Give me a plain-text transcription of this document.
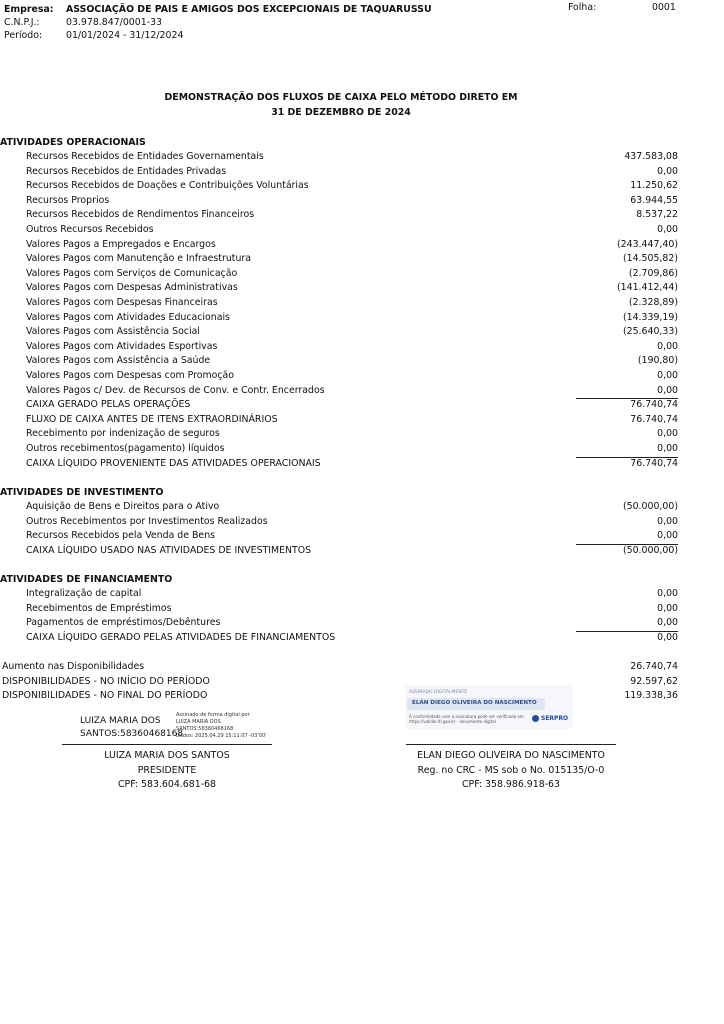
Empresa: ASSOCIAÇÃO DE PAIS E AMIGOS DOS EXCEPCIONAIS DE TAQUARUSSU	Folha:	0001
C.N.P.J.:	03.978.847/0001-33
Período:	01/01/2024 - 31/12/2024
DEMONSTRAÇÃO DOS FLUXOS DE CAIXA PELO MÉTODO DIRETO EM
31 DE DEZEMBRO DE 2024
ATIVIDADES OPERACIONAIS
Recursos Recebidos de Entidades Governamentais	437.583,08
Recursos Recebidos de Entidades Privadas	0,00
Recursos Recebidos de Doações e Contribuições Voluntárias	11.250,62
Recursos Proprios	63.944,55
Recursos Recebidos de Rendimentos Financeiros	8.537,22
Outros Recursos Recebidos	0,00
Valores Pagos a Empregados e Encargos	(243.447,40)
Valores Pagos com Manutenção e Infraestrutura	(14.505,82)
Valores Pagos com Serviços de Comunicação	(2.709,86)
Valores Pagos com Despesas Administrativas	(141.412,44)
Valores Pagos com Despesas Financeiras	(2.328,89)
Valores Pagos com Atividades Educacionais	(14.339,19)
Valores Pagos com Assistência Social	(25.640,33)
Valores Pagos com Atividades Esportivas	0,00
Valores Pagos com Assistência a Saúde	(190,80)
Valores Pagos com Despesas com Promoção	0,00
Valores Pagos c/ Dev. de Recursos de Conv. e Contr. Encerrados	0,00
CAIXA GERADO PELAS OPERAÇÕES	76.740,74
FLUXO DE CAIXA ANTES DE ITENS EXTRAORDINÁRIOS	76.740,74
Recebimento por indenização de seguros	0,00
Outros recebimentos(pagamento) líquidos	0,00
CAIXA LÍQUIDO PROVENIENTE DAS ATIVIDADES OPERACIONAIS	76.740,74
ATIVIDADES DE INVESTIMENTO
Aquisição de Bens e Direitos para o Ativo	(50.000,00)
Outros Recebimentos por Investimentos Realizados	0,00
Recursos Recebidos pela Venda de Bens	0,00
CAIXA LÍQUIDO USADO NAS ATIVIDADES DE INVESTIMENTOS	(50.000,00)
ATIVIDADES DE FINANCIAMENTO
Integralização de capital	0,00
Recebimentos de Empréstimos	0,00
Pagamentos de empréstimos/Debêntures	0,00
CAIXA LÍQUIDO GERADO PELAS ATIVIDADES DE FINANCIAMENTOS	0,00
Aumento nas Disponibilidades	26.740,74
DISPONIBILIDADES - NO INÍCIO DO PERÍODO	92.597,62
DISPONIBILIDADES - NO FINAL DO PERÍODO	119.338,36
LUIZA MARIA DOS
SANTOS:58360468168
Assinado de forma digital por
LUIZA MARIA DOS
SANTOS:58360468168
Dados: 2025.04.29 15:11:07 -03'00'
LUIZA MARIA DOS SANTOS
PRESIDENTE
CPF: 583.604.681-68
ASSINADO DIGITALMENTE
ELAN DIEGO OLIVEIRA DO NASCIMENTO
A conformidade com a assinatura pode ser verificada em https://validar.iti.gov.br - documento digital	SERPRO
ELAN DIEGO OLIVEIRA DO NASCIMENTO
Reg. no CRC - MS sob o No. 015135/O-0
CPF: 358.986.918-63
